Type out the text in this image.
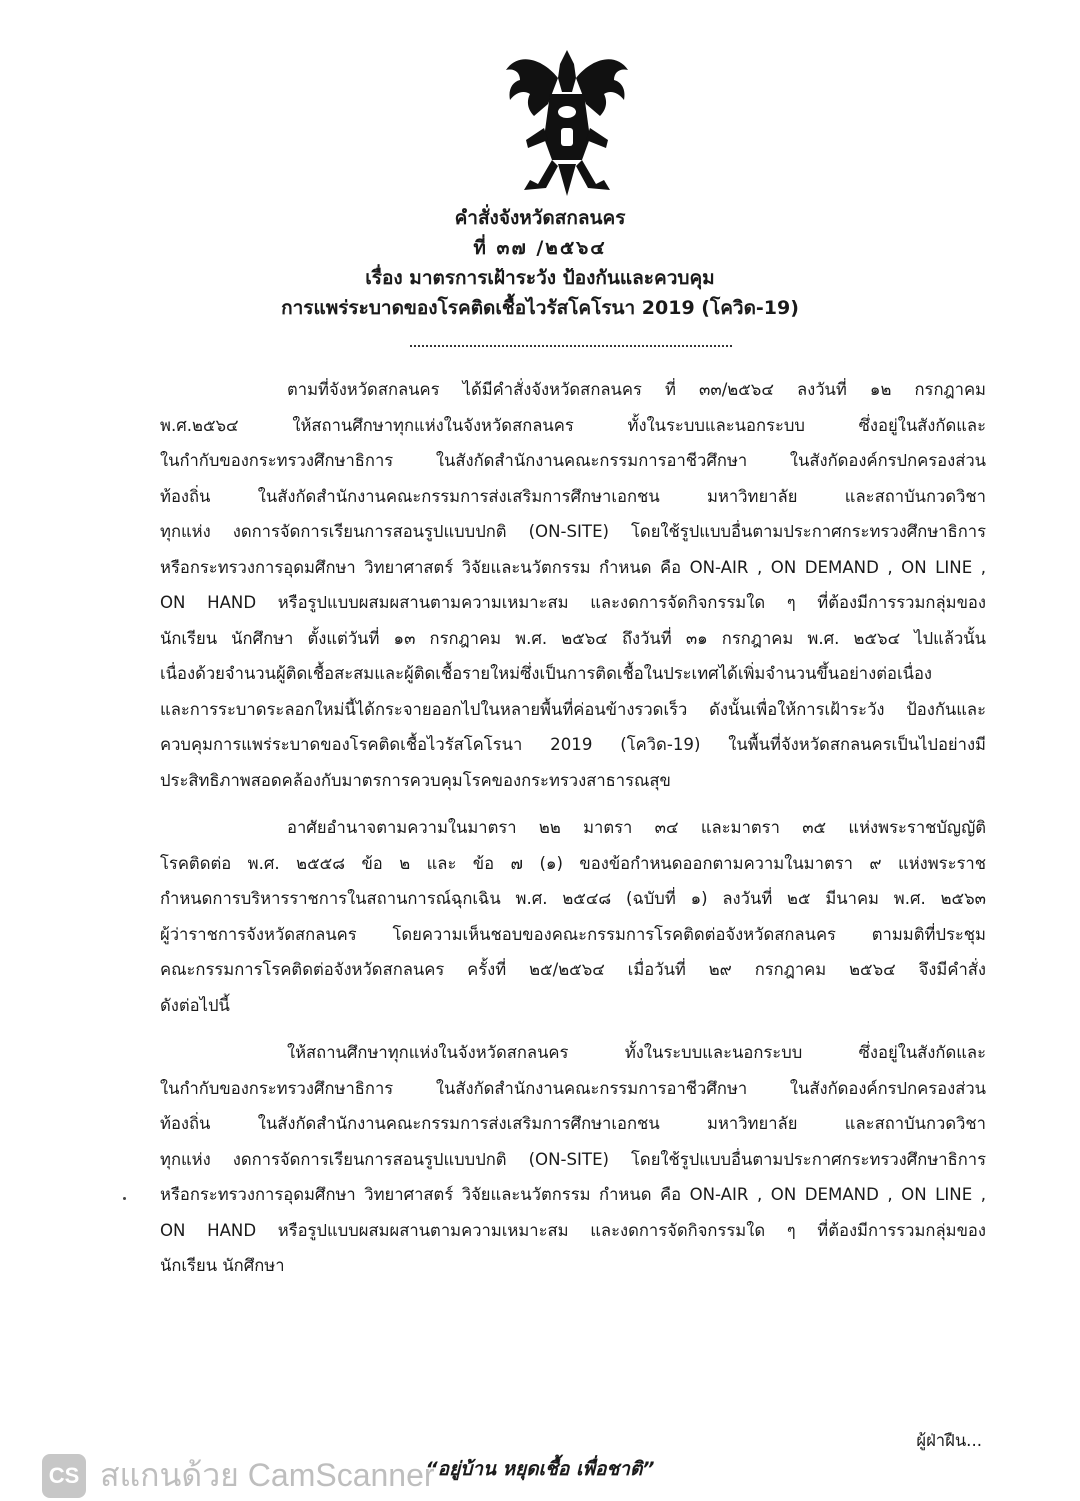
คำสั่งจังหวัดสกลนคร
ที่ ๓๗ /๒๕๖๔
เรื่อง มาตรการเฝ้าระวัง ป้องกันและควบคุม
การแพร่ระบาดของโรคติดเชื้อไวรัสโคโรนา 2019 (โควิด-19)
ตามที่จังหวัดสกลนคร ได้มีคำสั่งจังหวัดสกลนคร ที่ ๓๓/๒๕๖๔ ลงวันที่ ๑๒ กรกฎาคม
พ.ศ.๒๕๖๔ ให้สถานศึกษาทุกแห่งในจังหวัดสกลนคร ทั้งในระบบและนอกระบบ ซึ่งอยู่ในสังกัดและ
ในกำกับของกระทรวงศึกษาธิการ ในสังกัดสำนักงานคณะกรรมการอาชีวศึกษา ในสังกัดองค์กรปกครองส่วน
ท้องถิ่น ในสังกัดสำนักงานคณะกรรมการส่งเสริมการศึกษาเอกชน มหาวิทยาลัย และสถาบันกวดวิชา
ทุกแห่ง งดการจัดการเรียนการสอนรูปแบบปกติ (ON-SITE) โดยใช้รูปแบบอื่นตามประกาศกระทรวงศึกษาธิการ
หรือกระทรวงการอุดมศึกษา วิทยาศาสตร์ วิจัยและนวัตกรรม กำหนด คือ ON-AIR , ON DEMAND , ON LINE ,
ON HAND หรือรูปแบบผสมผสานตามความเหมาะสม และงดการจัดกิจกรรมใด ๆ ที่ต้องมีการรวมกลุ่มของ
นักเรียน นักศึกษา ตั้งแต่วันที่ ๑๓ กรกฎาคม พ.ศ. ๒๕๖๔ ถึงวันที่ ๓๑ กรกฎาคม พ.ศ. ๒๕๖๔ ไปแล้วนั้น
เนื่องด้วยจำนวนผู้ติดเชื้อสะสมและผู้ติดเชื้อรายใหม่ซึ่งเป็นการติดเชื้อในประเทศได้เพิ่มจำนวนขึ้นอย่างต่อเนื่อง
และการระบาดระลอกใหม่นี้ได้กระจายออกไปในหลายพื้นที่ค่อนข้างรวดเร็ว ดังนั้นเพื่อให้การเฝ้าระวัง ป้องกันและ
ควบคุมการแพร่ระบาดของโรคติดเชื้อไวรัสโคโรนา 2019 (โควิด-19) ในพื้นที่จังหวัดสกลนครเป็นไปอย่างมี
ประสิทธิภาพสอดคล้องกับมาตรการควบคุมโรคของกระทรวงสาธารณสุข
อาศัยอำนาจตามความในมาตรา ๒๒ มาตรา ๓๔ และมาตรา ๓๕ แห่งพระราชบัญญัติ
โรคติดต่อ พ.ศ. ๒๕๕๘ ข้อ ๒ และ ข้อ ๗ (๑) ของข้อกำหนดออกตามความในมาตรา ๙ แห่งพระราช
กำหนดการบริหารราชการในสถานการณ์ฉุกเฉิน พ.ศ. ๒๕๔๘ (ฉบับที่ ๑) ลงวันที่ ๒๕ มีนาคม พ.ศ. ๒๕๖๓
ผู้ว่าราชการจังหวัดสกลนคร โดยความเห็นชอบของคณะกรรมการโรคติดต่อจังหวัดสกลนคร ตามมติที่ประชุม
คณะกรรมการโรคติดต่อจังหวัดสกลนคร ครั้งที่ ๒๕/๒๕๖๔ เมื่อวันที่ ๒๙ กรกฎาคม ๒๕๖๔ จึงมีคำสั่ง
ดังต่อไปนี้
ให้สถานศึกษาทุกแห่งในจังหวัดสกลนคร ทั้งในระบบและนอกระบบ ซึ่งอยู่ในสังกัดและ
ในกำกับของกระทรวงศึกษาธิการ ในสังกัดสำนักงานคณะกรรมการอาชีวศึกษา ในสังกัดองค์กรปกครองส่วน
ท้องถิ่น ในสังกัดสำนักงานคณะกรรมการส่งเสริมการศึกษาเอกชน มหาวิทยาลัย และสถาบันกวดวิชา
ทุกแห่ง งดการจัดการเรียนการสอนรูปแบบปกติ (ON-SITE) โดยใช้รูปแบบอื่นตามประกาศกระทรวงศึกษาธิการ
หรือกระทรวงการอุดมศึกษา วิทยาศาสตร์ วิจัยและนวัตกรรม กำหนด คือ ON-AIR , ON DEMAND , ON LINE ,
ON HAND หรือรูปแบบผสมผสานตามความเหมาะสม และงดการจัดกิจกรรมใด ๆ ที่ต้องมีการรวมกลุ่มของ
นักเรียน นักศึกษา
ผู้ฝ่าฝืน...
“อยู่บ้าน หยุดเชื้อ เพื่อชาติ”
CS สแกนด้วย CamScanner
